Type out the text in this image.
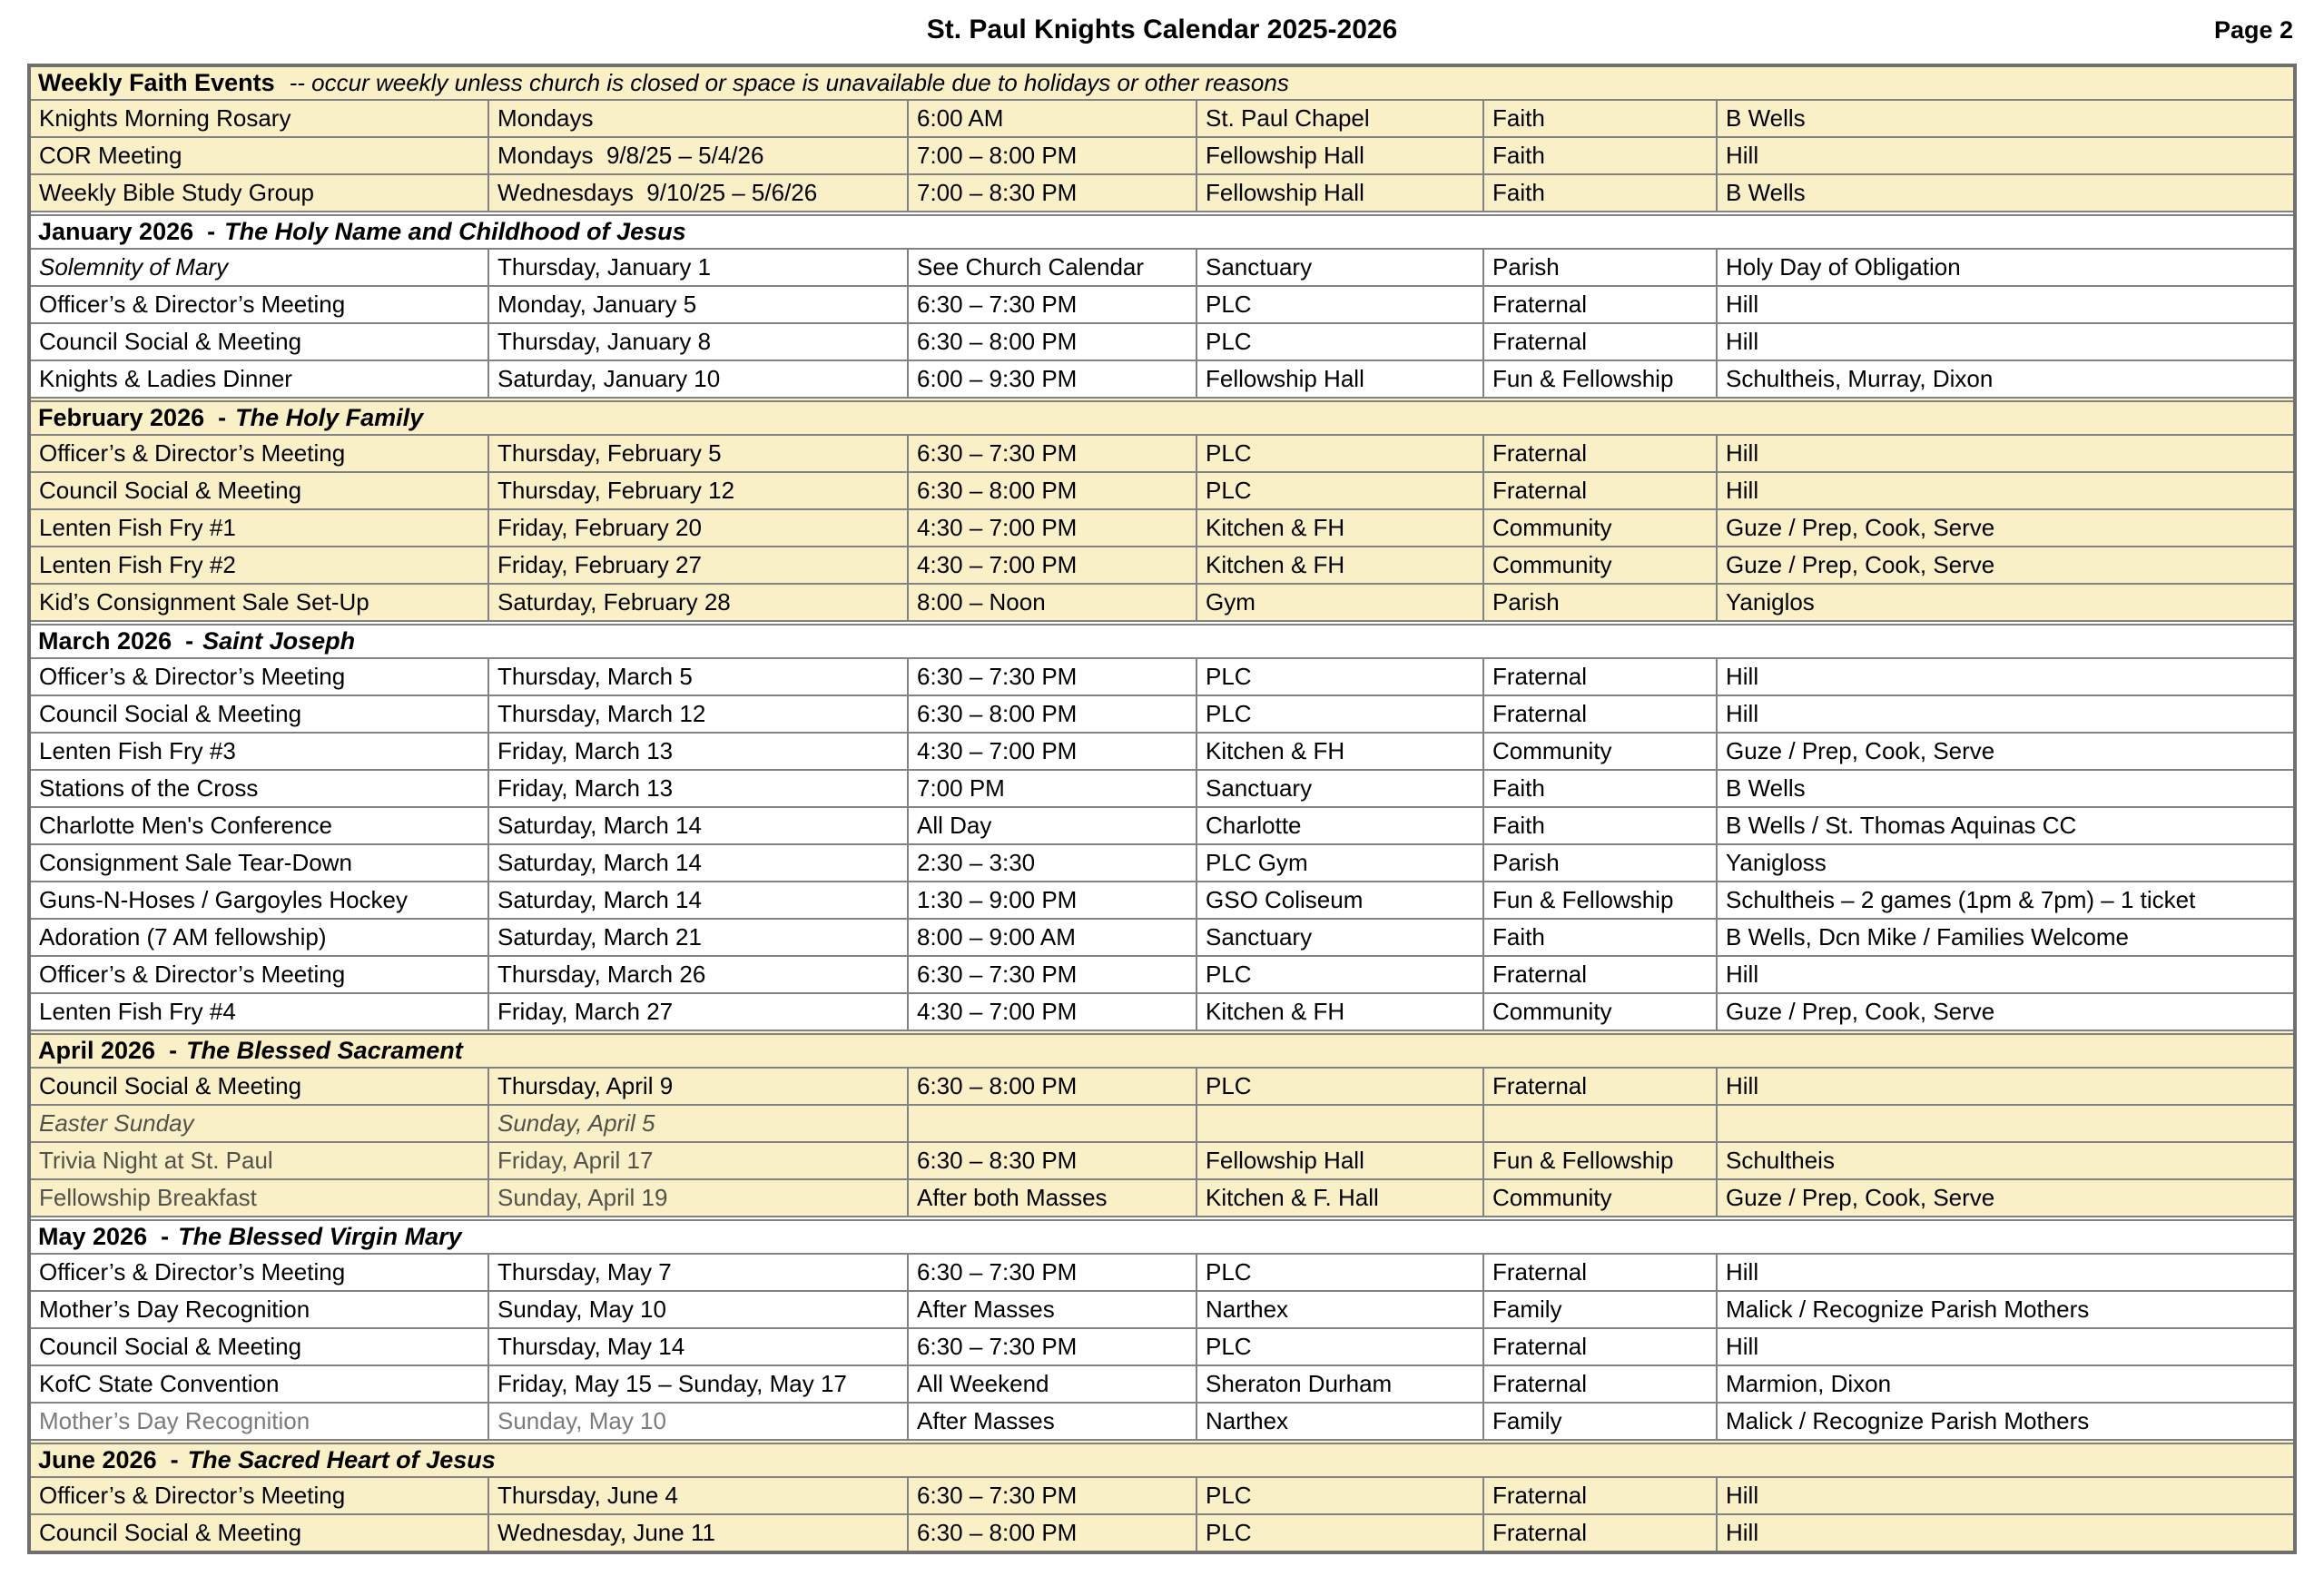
St. Paul Knights Calendar 2025-2026	Page 2
Weekly Faith Events -- occur weekly unless church is closed or space is unavailable due to holidays or other reasons
Knights Morning Rosary	Mondays	6:00 AM	St. Paul Chapel	Faith	B Wells
COR Meeting	Mondays  9/8/25 – 5/4/26	7:00 – 8:00 PM	Fellowship Hall	Faith	Hill
Weekly Bible Study Group	Wednesdays  9/10/25 – 5/6/26	7:00 – 8:30 PM	Fellowship Hall	Faith	B Wells
January 2026 - The Holy Name and Childhood of Jesus
Solemnity of Mary	Thursday, January 1	See Church Calendar	Sanctuary	Parish	Holy Day of Obligation
Officer’s & Director’s Meeting	Monday, January 5	6:30 – 7:30 PM	PLC	Fraternal	Hill
Council Social & Meeting	Thursday, January 8	6:30 – 8:00 PM	PLC	Fraternal	Hill
Knights & Ladies Dinner	Saturday, January 10	6:00 – 9:30 PM	Fellowship Hall	Fun & Fellowship	Schultheis, Murray, Dixon
February 2026 - The Holy Family
Officer’s & Director’s Meeting	Thursday, February 5	6:30 – 7:30 PM	PLC	Fraternal	Hill
Council Social & Meeting	Thursday, February 12	6:30 – 8:00 PM	PLC	Fraternal	Hill
Lenten Fish Fry #1	Friday, February 20	4:30 – 7:00 PM	Kitchen & FH	Community	Guze / Prep, Cook, Serve
Lenten Fish Fry #2	Friday, February 27	4:30 – 7:00 PM	Kitchen & FH	Community	Guze / Prep, Cook, Serve
Kid’s Consignment Sale Set-Up	Saturday, February 28	8:00 – Noon	Gym	Parish	Yaniglos
March 2026 - Saint Joseph
Officer’s & Director’s Meeting	Thursday, March 5	6:30 – 7:30 PM	PLC	Fraternal	Hill
Council Social & Meeting	Thursday, March 12	6:30 – 8:00 PM	PLC	Fraternal	Hill
Lenten Fish Fry #3	Friday, March 13	4:30 – 7:00 PM	Kitchen & FH	Community	Guze / Prep, Cook, Serve
Stations of the Cross	Friday, March 13	7:00 PM	Sanctuary	Faith	B Wells
Charlotte Men's Conference	Saturday, March 14	All Day	Charlotte	Faith	B Wells / St. Thomas Aquinas CC
Consignment Sale Tear-Down	Saturday, March 14	2:30 – 3:30	PLC Gym	Parish	Yanigloss
Guns-N-Hoses / Gargoyles Hockey	Saturday, March 14	1:30 – 9:00 PM	GSO Coliseum	Fun & Fellowship	Schultheis – 2 games (1pm & 7pm) – 1 ticket
Adoration (7 AM fellowship)	Saturday, March 21	8:00 – 9:00 AM	Sanctuary	Faith	B Wells, Dcn Mike / Families Welcome
Officer’s & Director’s Meeting	Thursday, March 26	6:30 – 7:30 PM	PLC	Fraternal	Hill
Lenten Fish Fry #4	Friday, March 27	4:30 – 7:00 PM	Kitchen & FH	Community	Guze / Prep, Cook, Serve
April 2026 - The Blessed Sacrament
Council Social & Meeting	Thursday, April 9	6:30 – 8:00 PM	PLC	Fraternal	Hill
Easter Sunday	Sunday, April 5
Trivia Night at St. Paul	Friday, April 17	6:30 – 8:30 PM	Fellowship Hall	Fun & Fellowship	Schultheis
Fellowship Breakfast	Sunday, April 19	After both Masses	Kitchen & F. Hall	Community	Guze / Prep, Cook, Serve
May 2026 - The Blessed Virgin Mary
Officer’s & Director’s Meeting	Thursday, May 7	6:30 – 7:30 PM	PLC	Fraternal	Hill
Mother’s Day Recognition	Sunday, May 10	After Masses	Narthex	Family	Malick / Recognize Parish Mothers
Council Social & Meeting	Thursday, May 14	6:30 – 7:30 PM	PLC	Fraternal	Hill
KofC State Convention	Friday, May 15 – Sunday, May 17	All Weekend	Sheraton Durham	Fraternal	Marmion, Dixon
Mother’s Day Recognition	Sunday, May 10	After Masses	Narthex	Family	Malick / Recognize Parish Mothers
June 2026 - The Sacred Heart of Jesus
Officer’s & Director’s Meeting	Thursday, June 4	6:30 – 7:30 PM	PLC	Fraternal	Hill
Council Social & Meeting	Wednesday, June 11	6:30 – 8:00 PM	PLC	Fraternal	Hill
